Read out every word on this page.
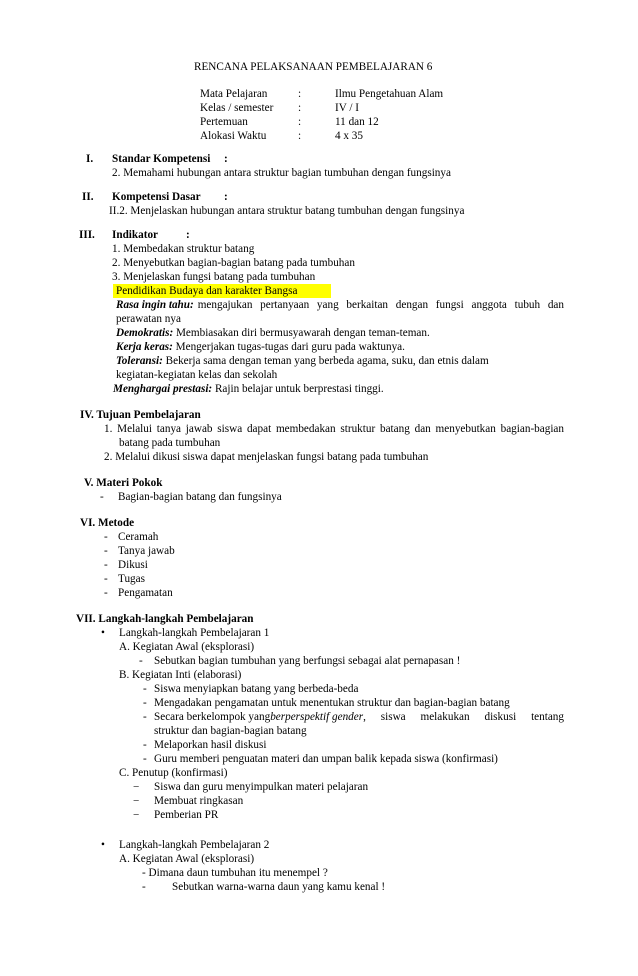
RENCANA PELAKSANAAN PEMBELAJARAN 6
Mata Pelajaran	:	Ilmu Pengetahuan Alam
Kelas / semester :	IV / I
Pertemuan	:	11 dan 12
Alokasi Waktu	:	4 x 35
I. Standar Kompetensi :
2. Memahami hubungan antara struktur bagian tumbuhan dengan fungsinya
II. Kompetensi Dasar :
II.2. Menjelaskan hubungan antara struktur batang tumbuhan dengan fungsinya
III. Indikator :
1. Membedakan struktur batang
2. Menyebutkan bagian-bagian batang pada tumbuhan
3. Menjelaskan fungsi batang pada tumbuhan
Pendidikan Budaya dan karakter Bangsa
Rasa ingin tahu: mengajukan pertanyaan yang berkaitan dengan fungsi anggota tubuh dan
perawatan nya
Demokratis: Membiasakan diri bermusyawarah dengan teman-teman.
Kerja keras: Mengerjakan tugas-tugas dari guru pada waktunya.
Toleransi: Bekerja sama dengan teman yang berbeda agama, suku, dan etnis dalam
kegiatan-kegiatan kelas dan sekolah
Menghargai prestasi: Rajin belajar untuk berprestasi tinggi.
IV. Tujuan Pembelajaran
1. Melalui tanya jawab siswa dapat membedakan struktur batang dan menyebutkan bagian-bagian
batang pada tumbuhan
2. Melalui dikusi siswa dapat menjelaskan fungsi batang pada tumbuhan
V. Materi Pokok
- Bagian-bagian batang dan fungsinya
VI. Metode
- Ceramah
- Tanya jawab
- Dikusi
- Tugas
- Pengamatan
VII. Langkah-langkah Pembelajaran
• Langkah-langkah Pembelajaran 1
A. Kegiatan Awal (eksplorasi)
- Sebutkan bagian tumbuhan yang berfungsi sebagai alat pernapasan !
B. Kegiatan Inti (elaborasi)
- Siswa menyiapkan batang yang berbeda-beda
- Mengadakan pengamatan untuk menentukan struktur dan bagian-bagian batang
- Secara berkelompok yang berperspektif gender , siswa melakukan diskusi tentang
struktur dan bagian-bagian batang
- Melaporkan hasil diskusi
- Guru memberi penguatan materi dan umpan balik kepada siswa (konfirmasi)
C. Penutup (konfirmasi)
− Siswa dan guru menyimpulkan materi pelajaran
− Membuat ringkasan
− Pemberian PR
• Langkah-langkah Pembelajaran 2
A. Kegiatan Awal (eksplorasi)
- Dimana daun tumbuhan itu menempel ?
- Sebutkan warna-warna daun yang kamu kenal !
